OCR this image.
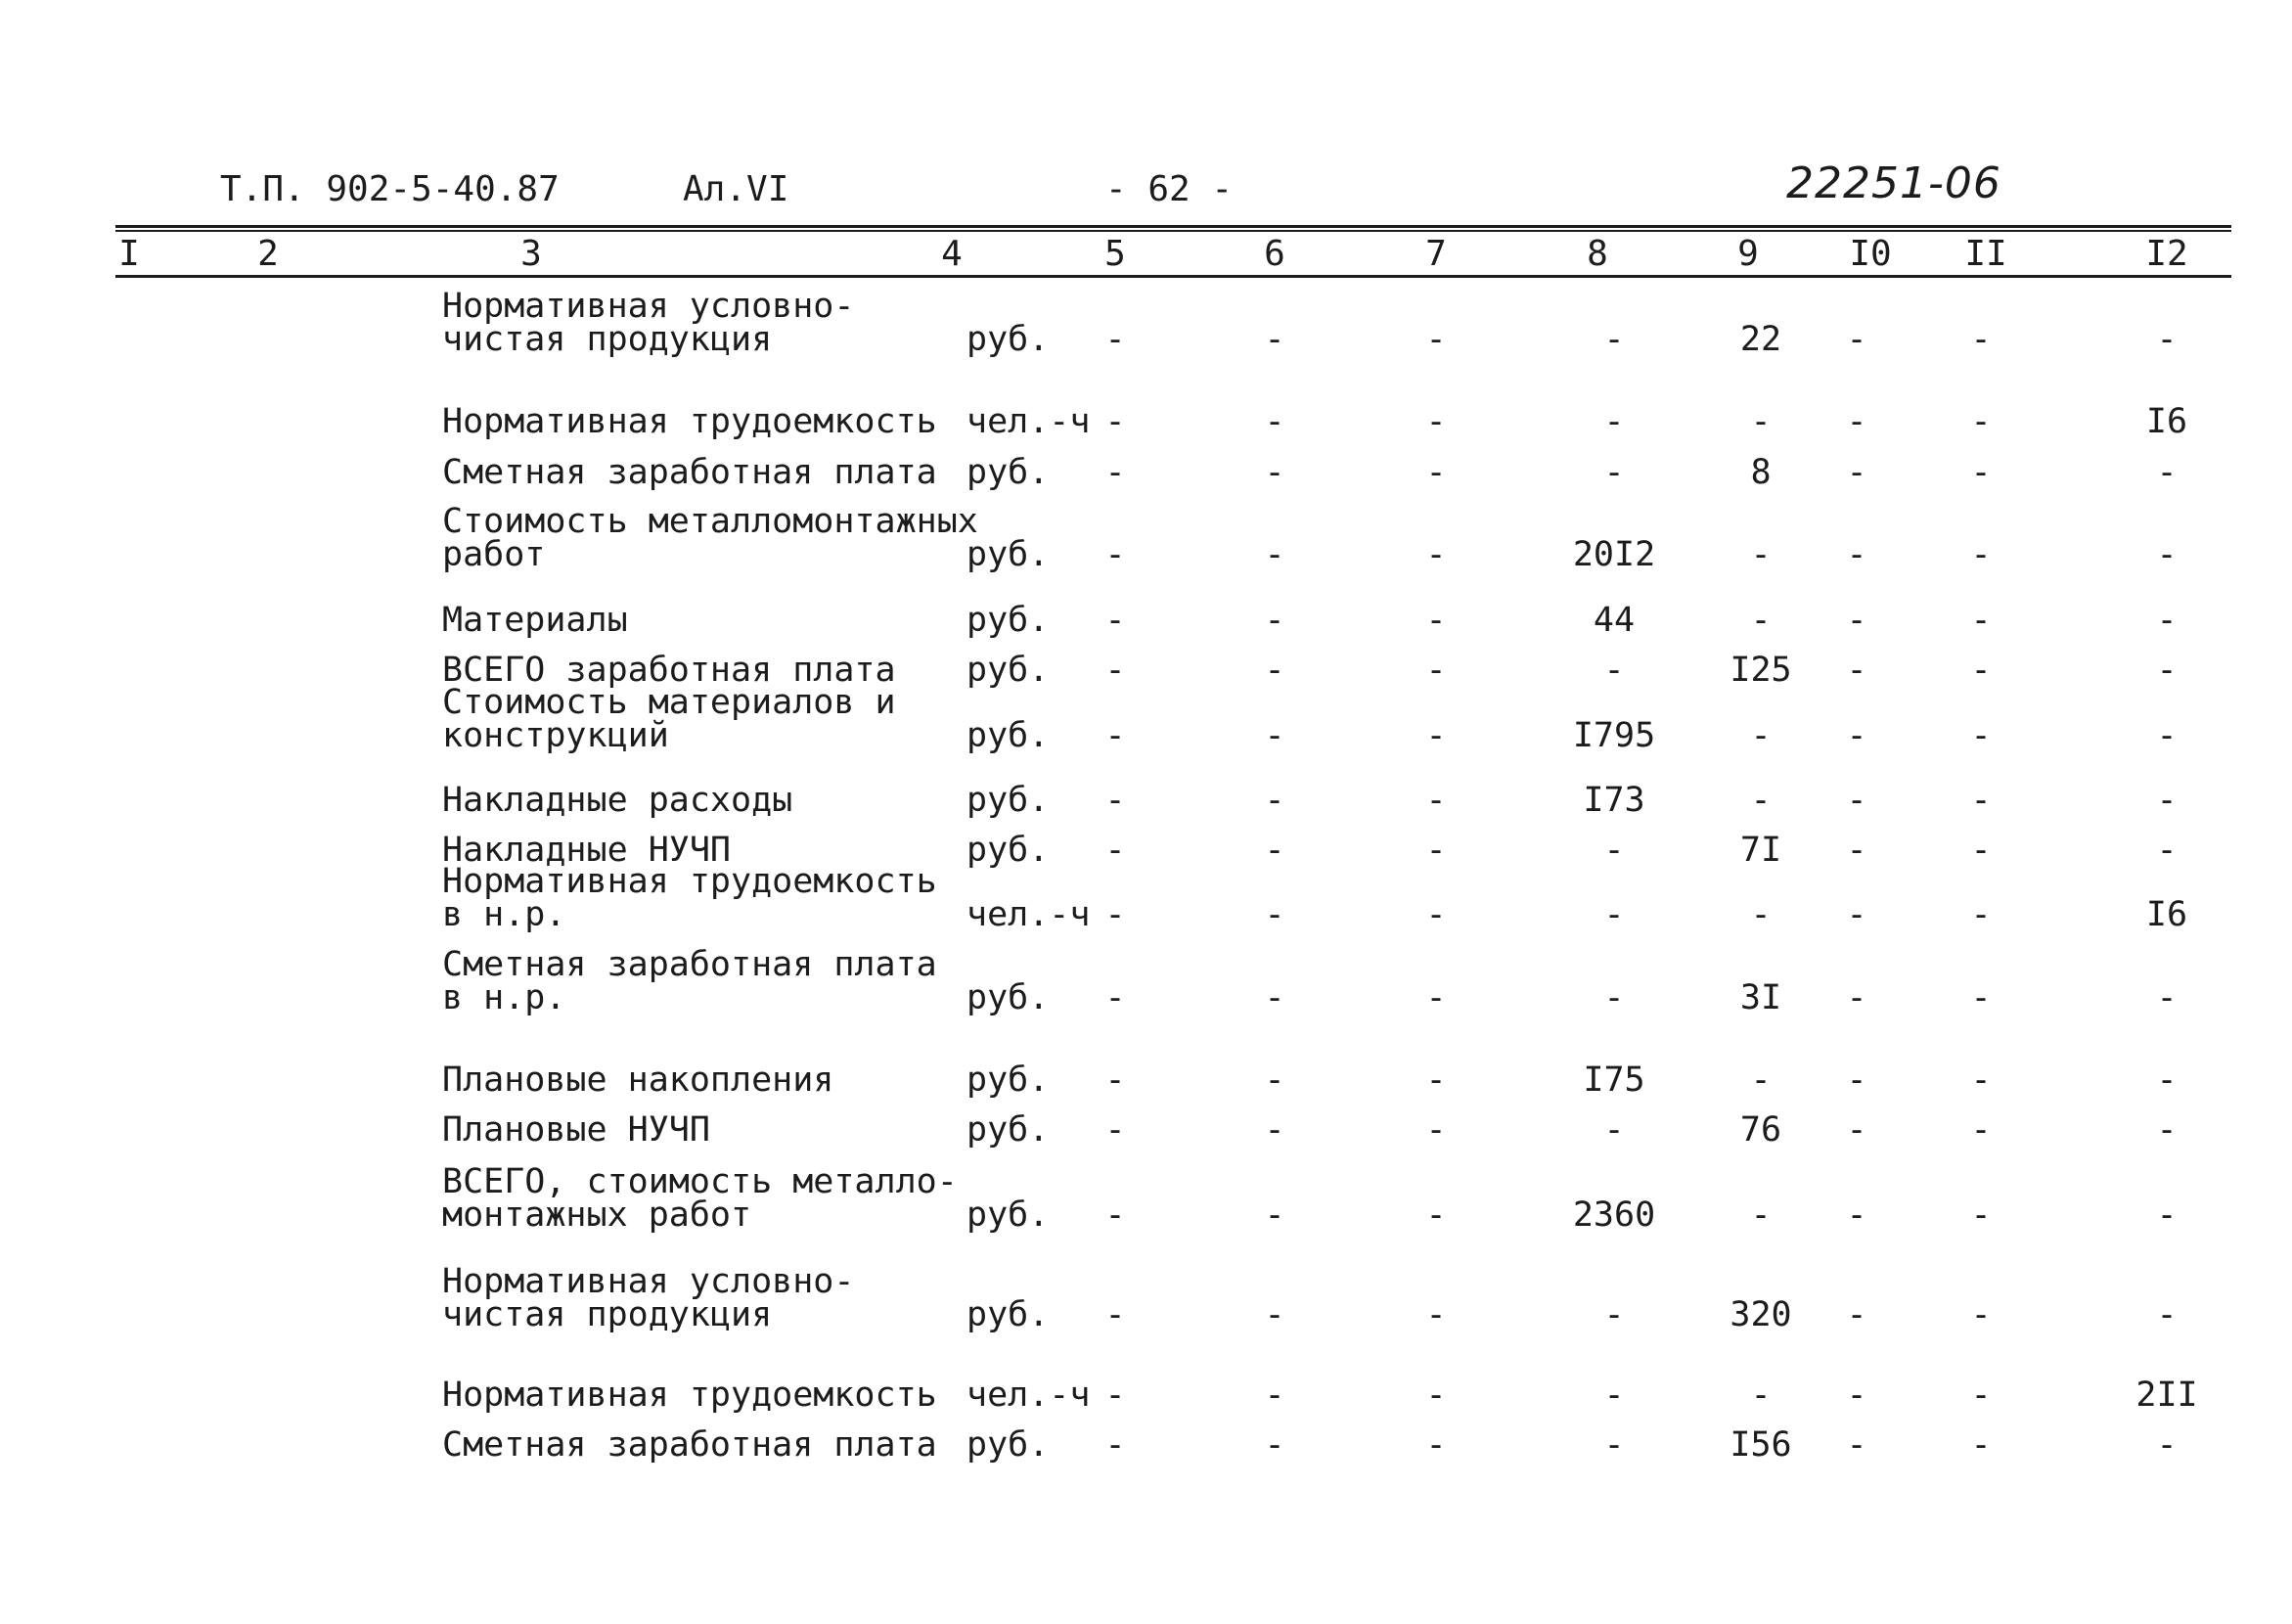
Т.П. 902-5-40.87	Ал.VI	- 62 -	22251-06
I	2	3	4	5	6	7	8	9	I0 II	I2
Нормативная условно-
чистая продукция	руб. -	-	-	-	22 -	-	-
Нормативная трудоемкость чел.-ч -	-	-	-	- -	-	I6
Сметная заработная плата руб. -	-	-	-	8 -	-	-
Стоимость металломонтажных
работ	руб. -	-	-	20I2	- -	-	-
Материалы	руб. -	-	-	44	- -	-	-
ВСЕГО заработная плата руб. -	-	-	-	I25 -	-	-
Стоимость материалов и
конструкций	руб. -	-	-	I795	- -	-	-
Накладные расходы	руб. -	-	-	I73	- -	-	-
Накладные НУЧП	руб. -	-	-	-	7I -	-	-
Нормативная трудоемкость
в н.р.	чел.-ч -	-	-	-	- -	-	I6
Сметная заработная плата
в н.р.	руб. -	-	-	-	3I -	-	-
Плановые накопления	руб. -	-	-	I75	- -	-	-
Плановые НУЧП	руб. -	-	-	-	76 -	-	-
ВСЕГО, стоимость металло-
монтажных работ	руб. -	-	-	2360	- -	-	-
Нормативная условно-
чистая продукция	руб. -	-	-	-	320 -	-	-
Нормативная трудоемкость чел.-ч -	-	-	-	- -	-	2II
Сметная заработная плата руб. -	-	-	-	I56 -	-	-
